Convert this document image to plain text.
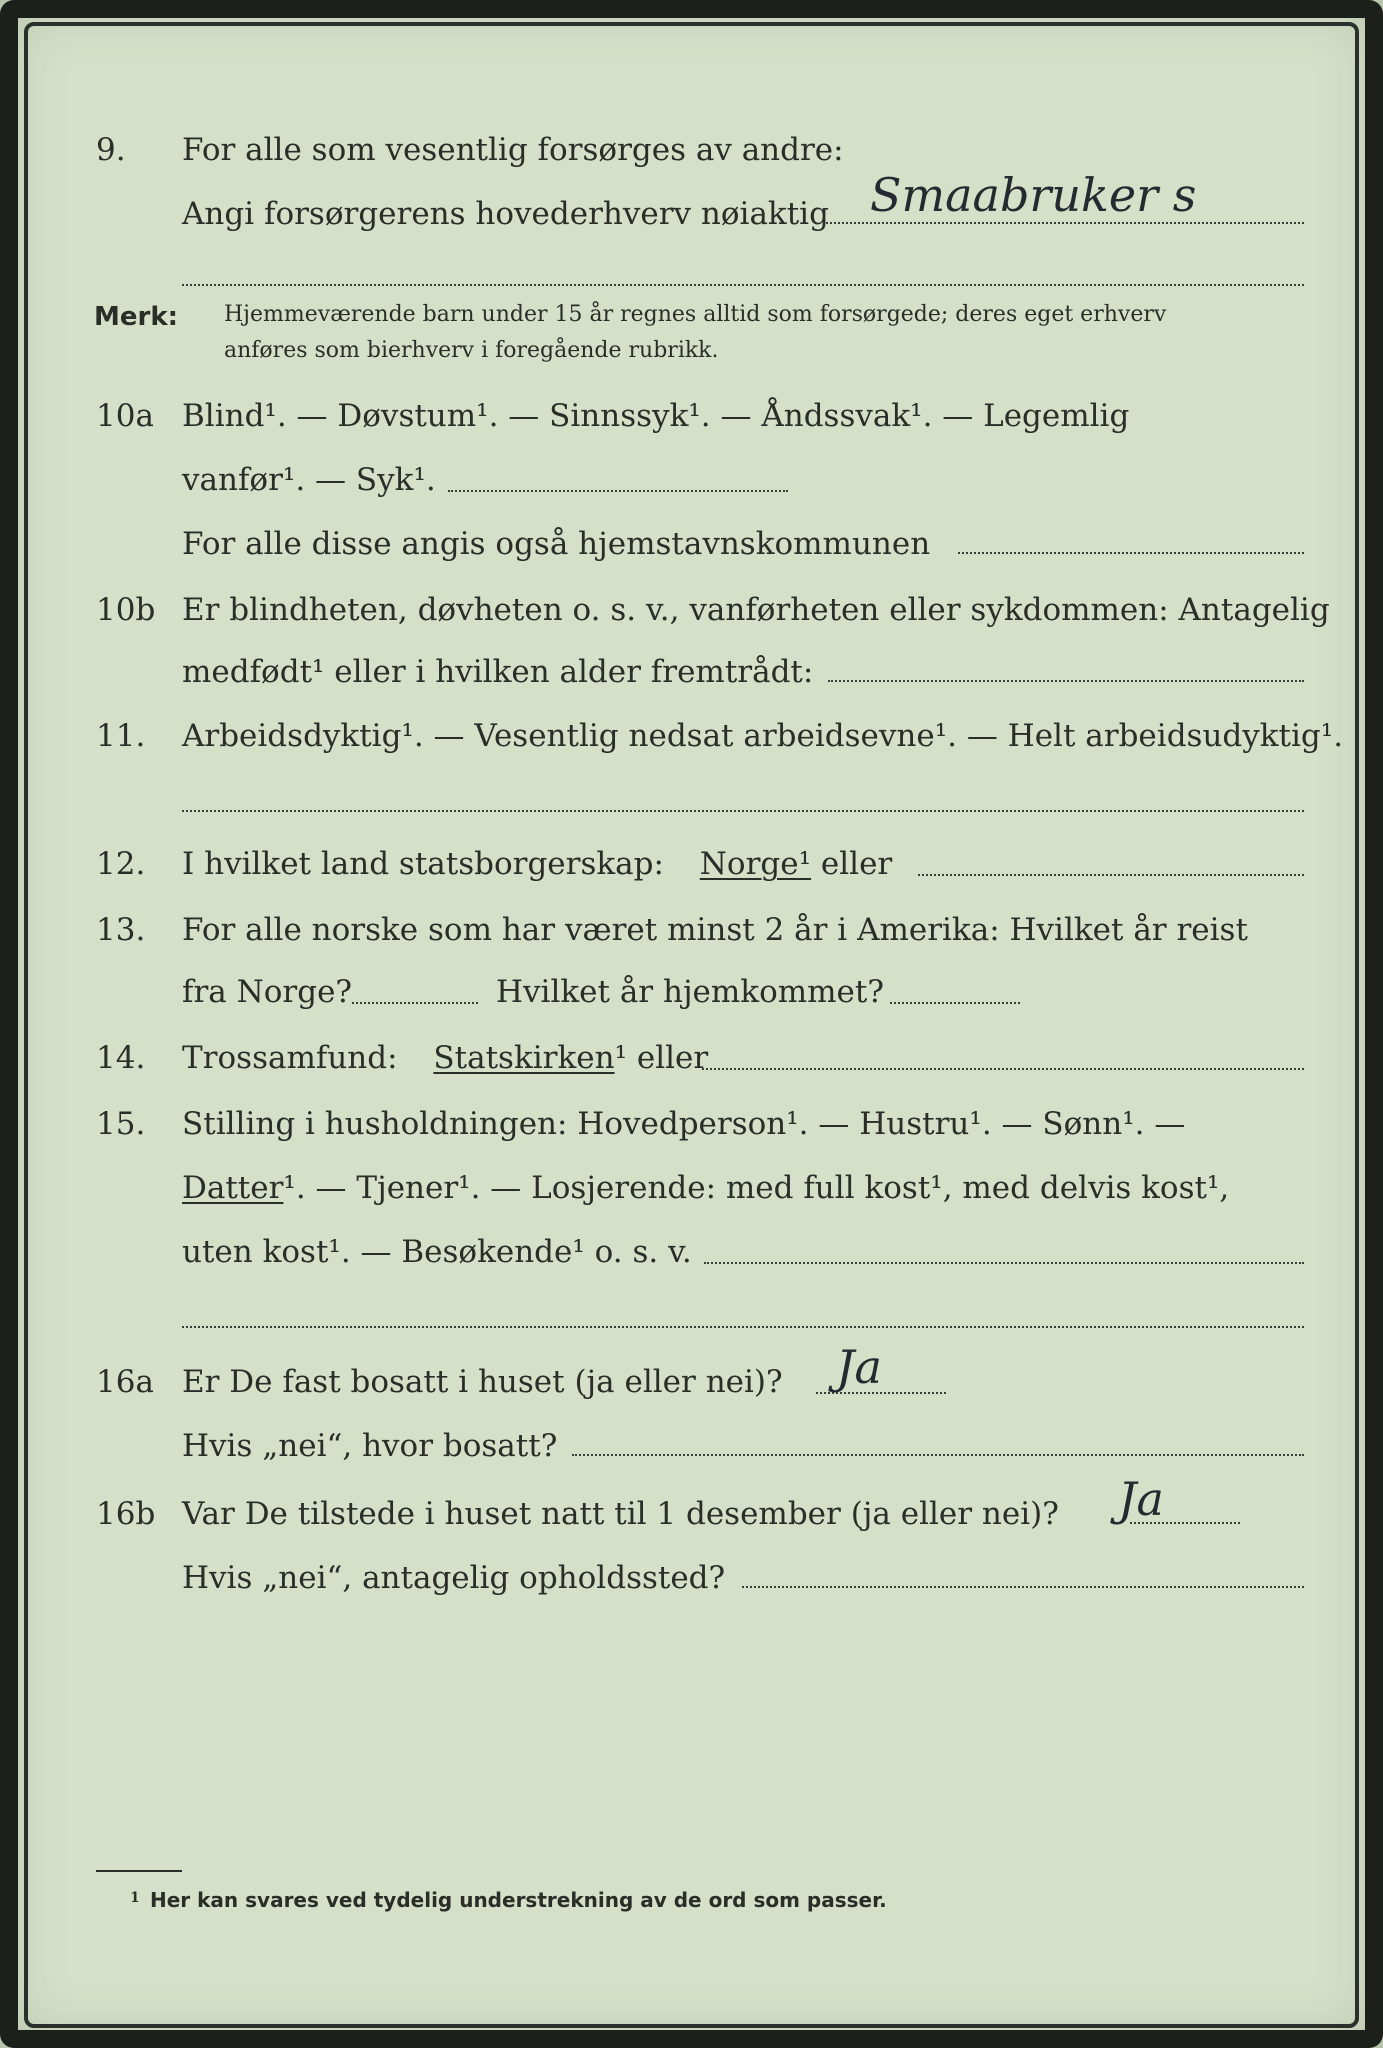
9. For alle som vesentlig forsørges av andre:
Angi forsørgerens hovederhverv nøiaktig Smaabruker s
Merk: Hjemmeværende barn under 15 år regnes alltid som forsørgede; deres eget erhverv
anføres som bierhverv i foregående rubrikk.
10a Blind¹. — Døvstum¹. — Sinnssyk¹. — Åndssvak¹. — Legemlig
vanfør¹. — Syk¹.
For alle disse angis også hjemstavnskommunen
10b Er blindheten, døvheten o. s. v., vanførheten eller sykdommen: Antagelig
medfødt¹ eller i hvilken alder fremtrådt:
11. Arbeidsdyktig¹. — Vesentlig nedsat arbeidsevne¹. — Helt arbeidsudyktig¹.
12. I hvilket land statsborgerskap: Norge¹ eller
13. For alle norske som har været minst 2 år i Amerika: Hvilket år reist
fra Norge?	Hvilket år hjemkommet?
14. Trossamfund: Statskirken¹ eller
15. Stilling i husholdningen: Hovedperson¹. — Hustru¹. — Sønn¹. —
Datter¹. — Tjener¹. — Losjerende: med full kost¹, med delvis kost¹,
uten kost¹. — Besøkende¹ o. s. v.
16a Er De fast bosatt i huset (ja eller nei)? Ja
Hvis „nei“, hvor bosatt?
16b Var De tilstede i huset natt til 1 desember (ja eller nei)? Ja
Hvis „nei“, antagelig opholdssted?
1 Her kan svares ved tydelig understrekning av de ord som passer.
